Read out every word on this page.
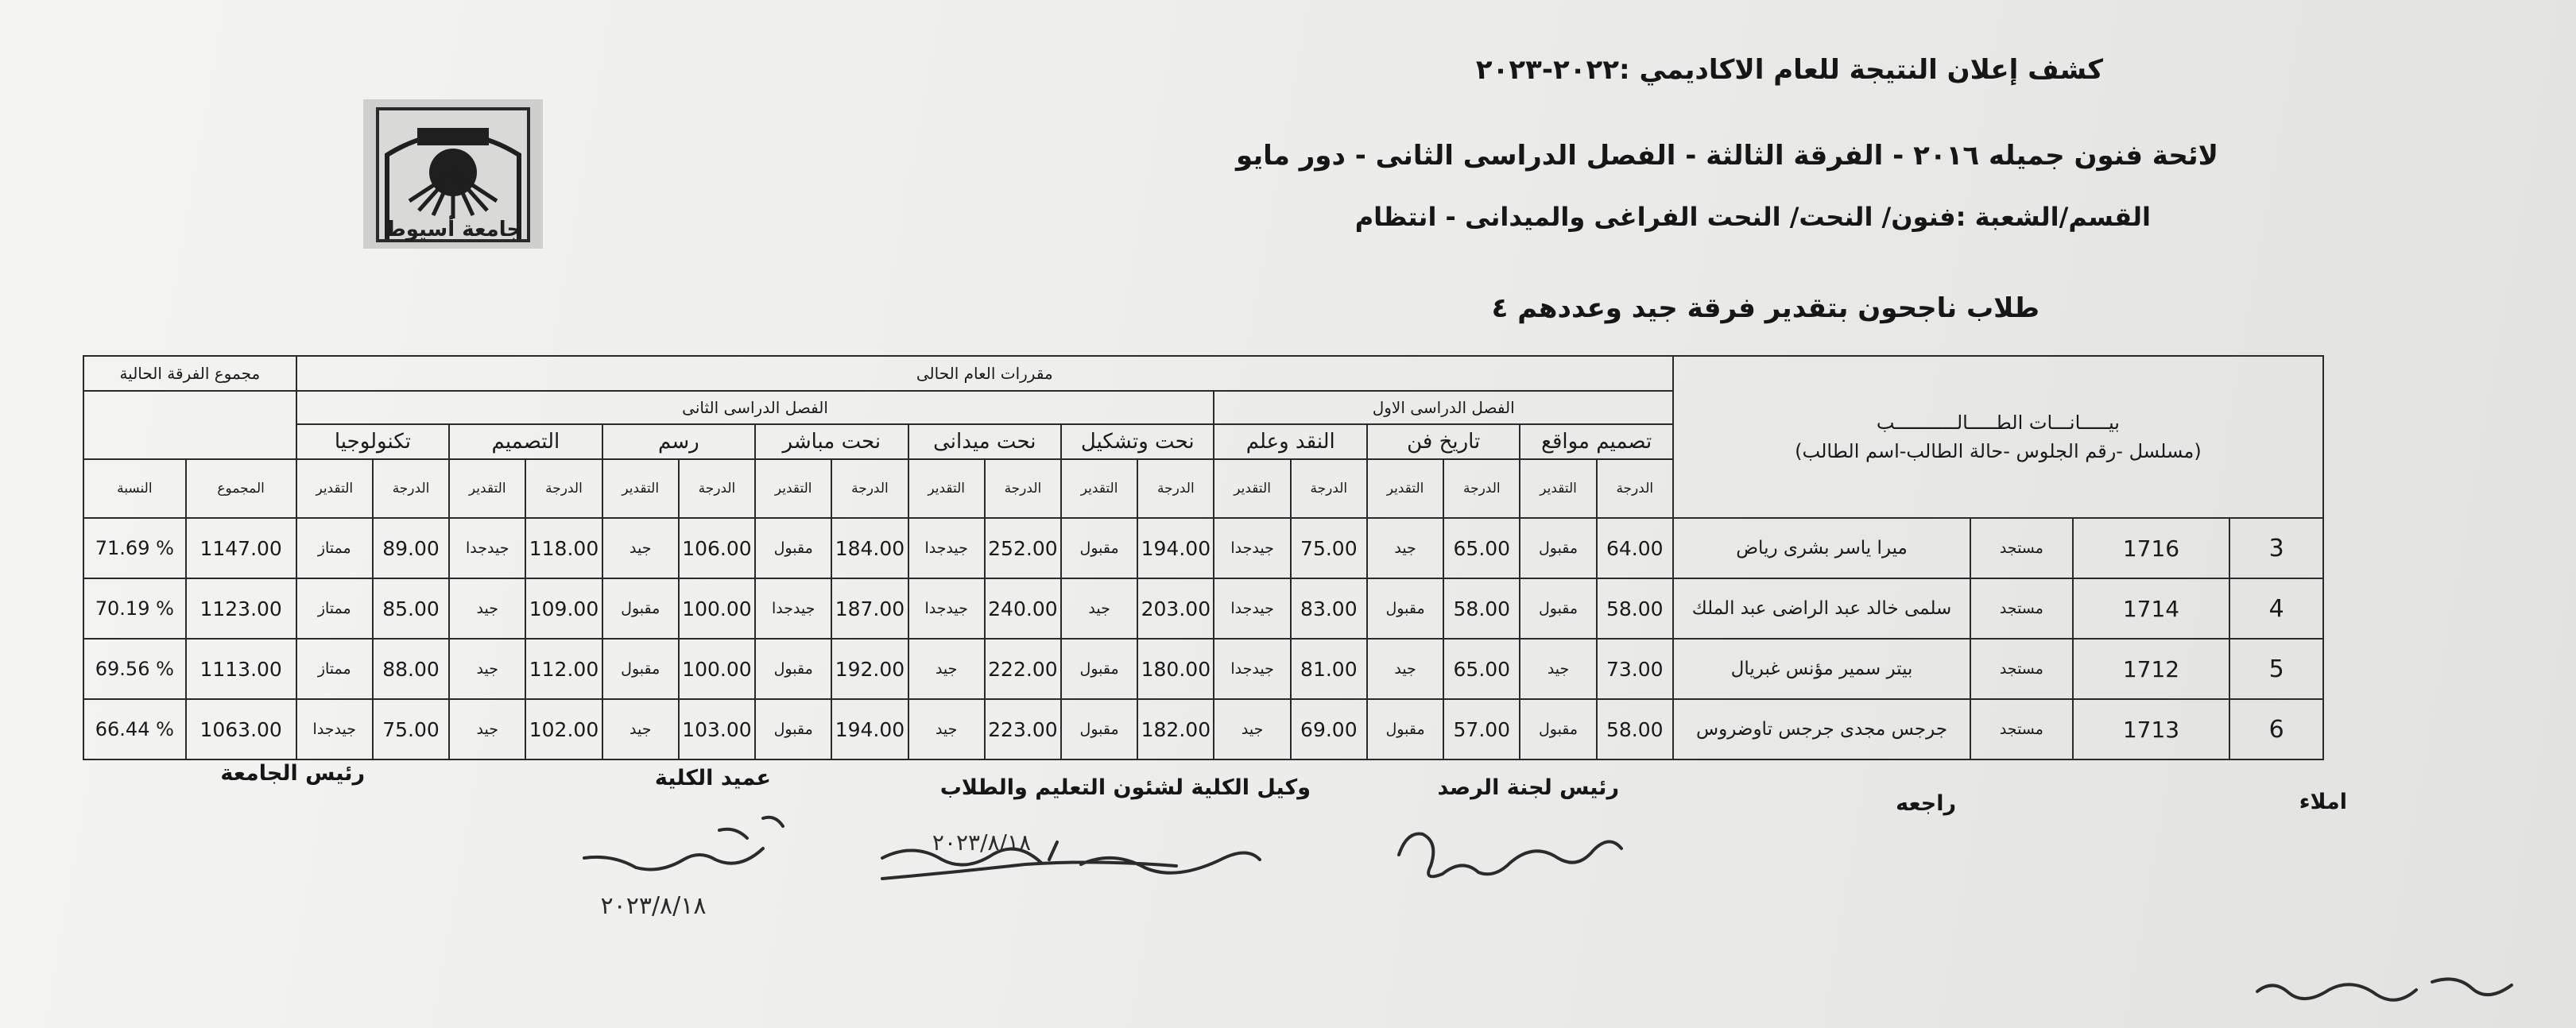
كشف إعلان النتيجة للعام الاكاديمي :٢٠٢٢-٢٠٢٣
لائحة فنون جميله ٢٠١٦ - الفرقة الثالثة - الفصل الدراسى الثانى - دور مايو
القسم/الشعبة :فنون/ النحت/ النحت الفراغى والميدانى - انتظام
طلاب ناجحون بتقدير فرقة جيد وعددهم ٤
جامعة أسيوط
بيـــــانـــات الطـــــالـــــــــــب
(مسلسل -رقم الجلوس -حالة الطالب-اسم الطالب)				مقررات العام الحالى																		مجموع الفرقة الحالية	
				الفصل الدراسى الاول						الفصل الدراسى الثانى													
				تصميم مواقع		تاريخ فن		النقد وعلم		نحت وتشكيل		نحت ميدانى		نحت مباشر		رسم		التصميم		تكنولوجيا			
				الدرجة	التقدير	الدرجة	التقدير	الدرجة	التقدير	الدرجة	التقدير	الدرجة	التقدير	الدرجة	التقدير	الدرجة	التقدير	الدرجة	التقدير	الدرجة	التقدير	المجموع	النسبة
3	1716	مستجد	ميرا ياسر بشرى رياض	64.00	مقبول	65.00	جيد	75.00	جيدجدا	194.00	مقبول	252.00	جيدجدا	184.00	مقبول	106.00	جيد	118.00	جيدجدا	89.00	ممتاز	1147.00	71.69 %
4	1714	مستجد	سلمى خالد عبد الراضى عبد الملك	58.00	مقبول	58.00	مقبول	83.00	جيدجدا	203.00	جيد	240.00	جيدجدا	187.00	جيدجدا	100.00	مقبول	109.00	جيد	85.00	ممتاز	1123.00	70.19 %
5	1712	مستجد	بيتر سمير مؤنس غبريال	73.00	جيد	65.00	جيد	81.00	جيدجدا	180.00	مقبول	222.00	جيد	192.00	مقبول	100.00	مقبول	112.00	جيد	88.00	ممتاز	1113.00	69.56 %
6	1713	مستجد	جرجس مجدى جرجس تاوضروس	58.00	مقبول	57.00	مقبول	69.00	جيد	182.00	مقبول	223.00	جيد	194.00	مقبول	103.00	جيد	102.00	جيد	75.00	جيدجدا	1063.00	66.44 %
املاء
راجعه
رئيس لجنة الرصد
وكيل الكلية لشئون التعليم والطلاب
عميد الكلية
رئيس الجامعة
٢٠٢٣/٨/١٨
٢٠٢٣/٨/١٨
